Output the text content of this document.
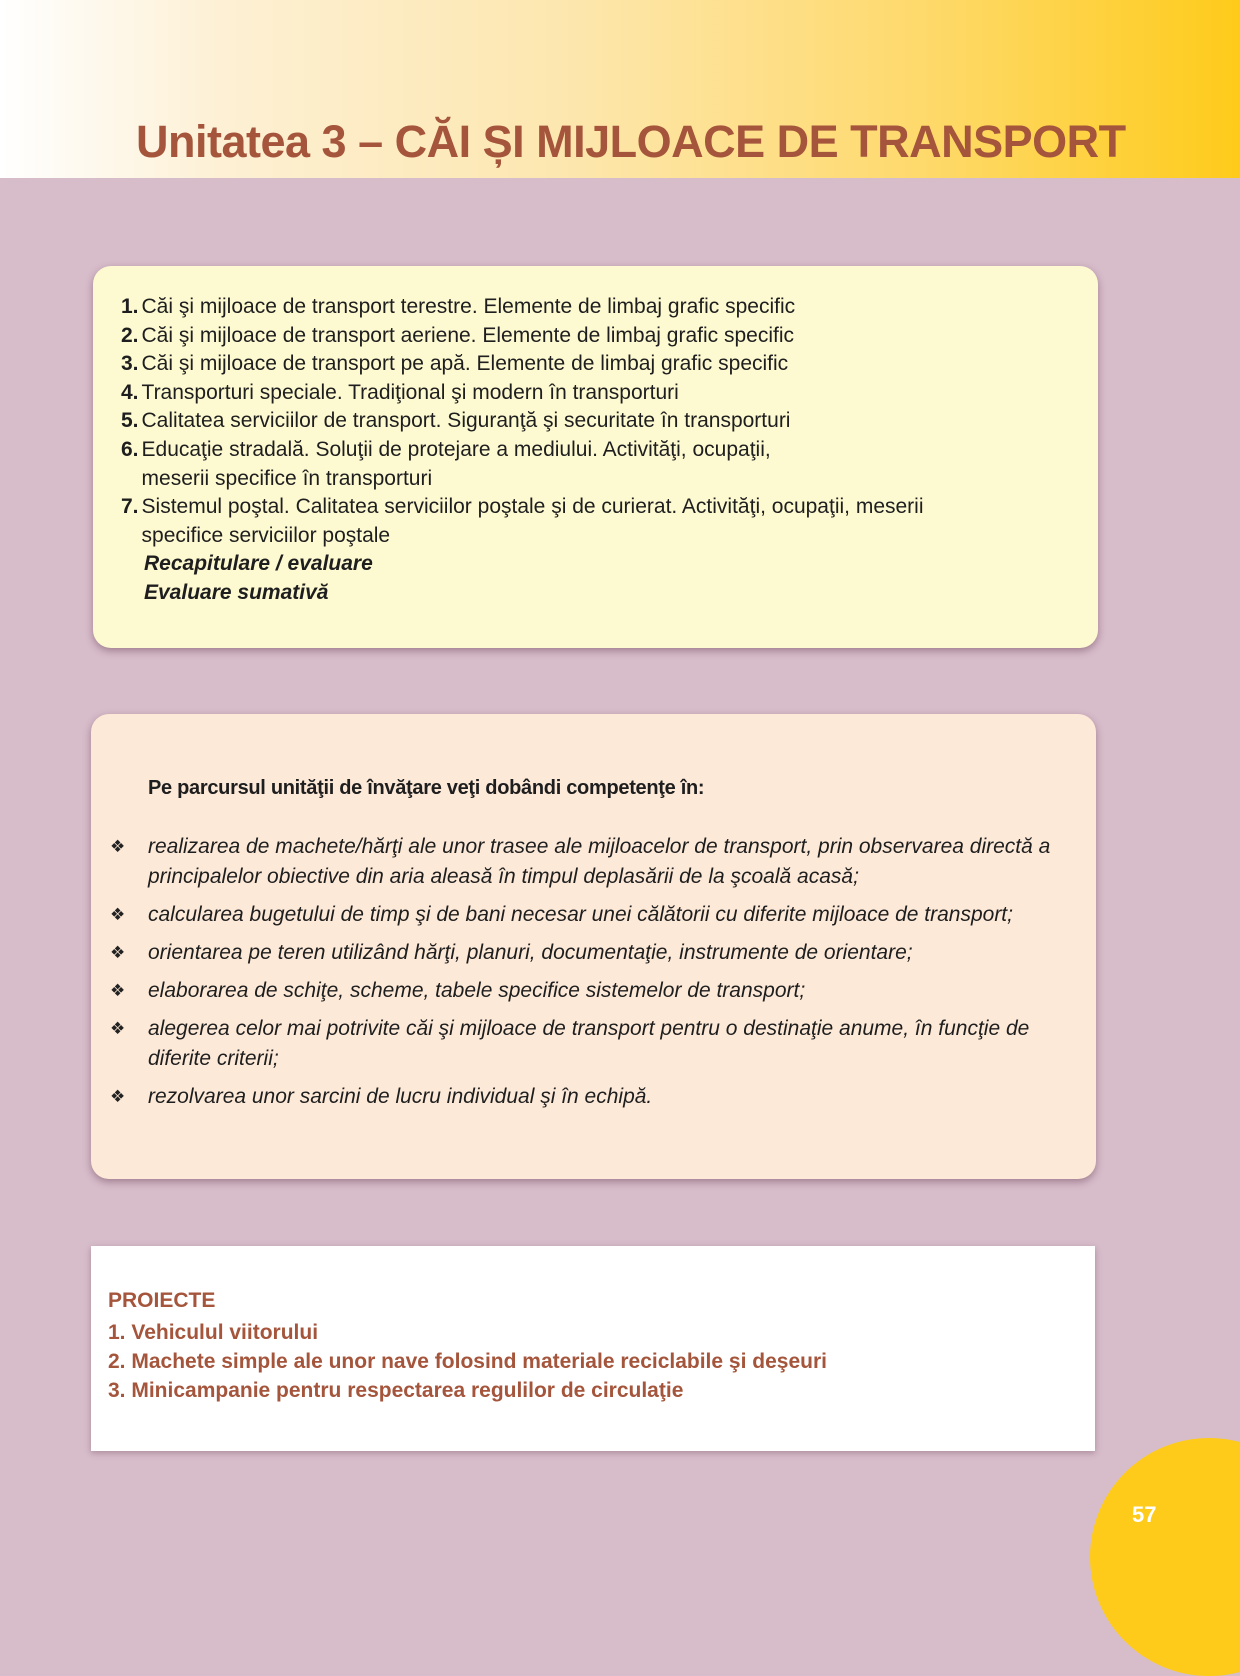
Unitatea 3 – CĂI ȘI MIJLOACE DE TRANSPORT
1. Căi şi mijloace de transport terestre. Elemente de limbaj grafic specific
2. Căi şi mijloace de transport aeriene. Elemente de limbaj grafic specific
3. Căi şi mijloace de transport pe apă. Elemente de limbaj grafic specific
4. Transporturi speciale. Tradiţional şi modern în transporturi
5. Calitatea serviciilor de transport. Siguranţă şi securitate în transporturi
6. Educaţie stradală. Soluţii de protejare a mediului. Activităţi, ocupaţii, meserii specifice în transporturi
7. Sistemul poştal. Calitatea serviciilor poştale şi de curierat. Activităţi, ocupaţii, meserii specifice serviciilor poştale
Recapitulare / evaluare
Evaluare sumativă

Pe parcursul unităţii de învăţare veţi dobândi competenţe în:

❖	realizarea de machete/hărţi ale unor trasee ale mijloacelor de transport, prin observarea directă a principalelor obiective din aria aleasă în timpul deplasării de la şcoală acasă;
❖	calcularea bugetului de timp şi de bani necesar unei călătorii cu diferite mijloace de transport;
❖	orientarea pe teren utilizând hărţi, planuri, documentaţie, instrumente de orientare;
❖	elaborarea de schiţe, scheme, tabele specifice sistemelor de transport;
❖	alegerea celor mai potrivite căi şi mijloace de transport pentru o destinaţie anume, în funcţie de diferite criterii;
❖	rezolvarea unor sarcini de lucru individual şi în echipă.

PROIECTE

1. Vehiculul viitorului

2. Machete simple ale unor nave folosind materiale reciclabile şi deşeuri

3. Minicampanie pentru respectarea regulilor de circulaţie

57
